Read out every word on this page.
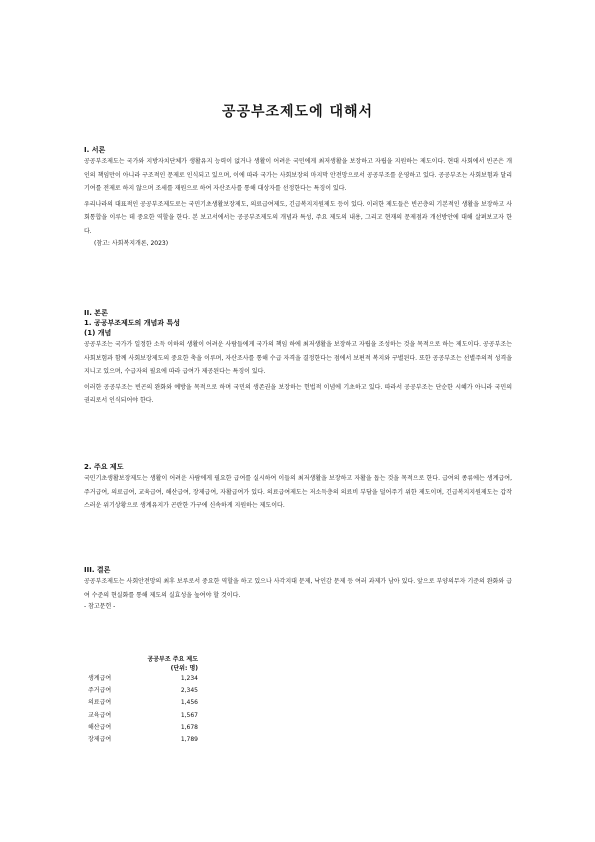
공공부조제도에 대해서
I. 서론

공공부조제도는 국가와 지방자치단체가 생활유지 능력이 없거나 생활이 어려운 국민에게 최저생활을 보장하고 자립을 지원하는 제도이다. 현대 사회에서 빈곤은 개인의 책임만이 아니라 구조적인 문제로 인식되고 있으며, 이에 따라 국가는 사회보장의 마지막 안전망으로서 공공부조를 운영하고 있다. 공공부조는 사회보험과 달리 기여를 전제로 하지 않으며 조세를 재원으로 하여 자산조사를 통해 대상자를 선정한다는 특징이 있다.

우리나라의 대표적인 공공부조제도로는 국민기초생활보장제도, 의료급여제도, 긴급복지지원제도 등이 있다. 이러한 제도들은 빈곤층의 기본적인 생활을 보장하고 사회통합을 이루는 데 중요한 역할을 한다. 본 보고서에서는 공공부조제도의 개념과 특성, 주요 제도의 내용, 그리고 현재의 문제점과 개선방안에 대해 살펴보고자 한다.

(참고: 사회복지개론, 2023)
II. 본론
1. 공공부조제도의 개념과 특성
(1) 개념

공공부조는 국가가 일정한 소득 이하의 생활이 어려운 사람들에게 국가의 책임 하에 최저생활을 보장하고 자립을 조성하는 것을 목적으로 하는 제도이다. 공공부조는 사회보험과 함께 사회보장제도의 중요한 축을 이루며, 자산조사를 통해 수급 자격을 결정한다는 점에서 보편적 복지와 구별된다. 또한 공공부조는 선별주의적 성격을 지니고 있으며, 수급자의 필요에 따라 급여가 제공된다는 특징이 있다.

이러한 공공부조는 빈곤의 완화와 예방을 목적으로 하며 국민의 생존권을 보장하는 헌법적 이념에 기초하고 있다. 따라서 공공부조는 단순한 시혜가 아니라 국민의 권리로서 인식되어야 한다.

2. 주요 제도

국민기초생활보장제도는 생활이 어려운 사람에게 필요한 급여를 실시하여 이들의 최저생활을 보장하고 자활을 돕는 것을 목적으로 한다. 급여의 종류에는 생계급여, 주거급여, 의료급여, 교육급여, 해산급여, 장제급여, 자활급여가 있다. 의료급여제도는 저소득층의 의료비 부담을 덜어주기 위한 제도이며, 긴급복지지원제도는 갑작스러운 위기상황으로 생계유지가 곤란한 가구에 신속하게 지원하는 제도이다.

III. 결론

공공부조제도는 사회안전망의 최후 보루로서 중요한 역할을 하고 있으나 사각지대 문제, 낙인감 문제 등 여러 과제가 남아 있다. 앞으로 부양의무자 기준의 완화와 급여 수준의 현실화를 통해 제도의 실효성을 높여야 할 것이다.

- 참고문헌 -
공공부조 주요 제도
(단위: 명)
생계급여	1,234
주거급여	2,345
의료급여	1,456
교육급여	1,567
해산급여	1,678
장제급여	1,789
